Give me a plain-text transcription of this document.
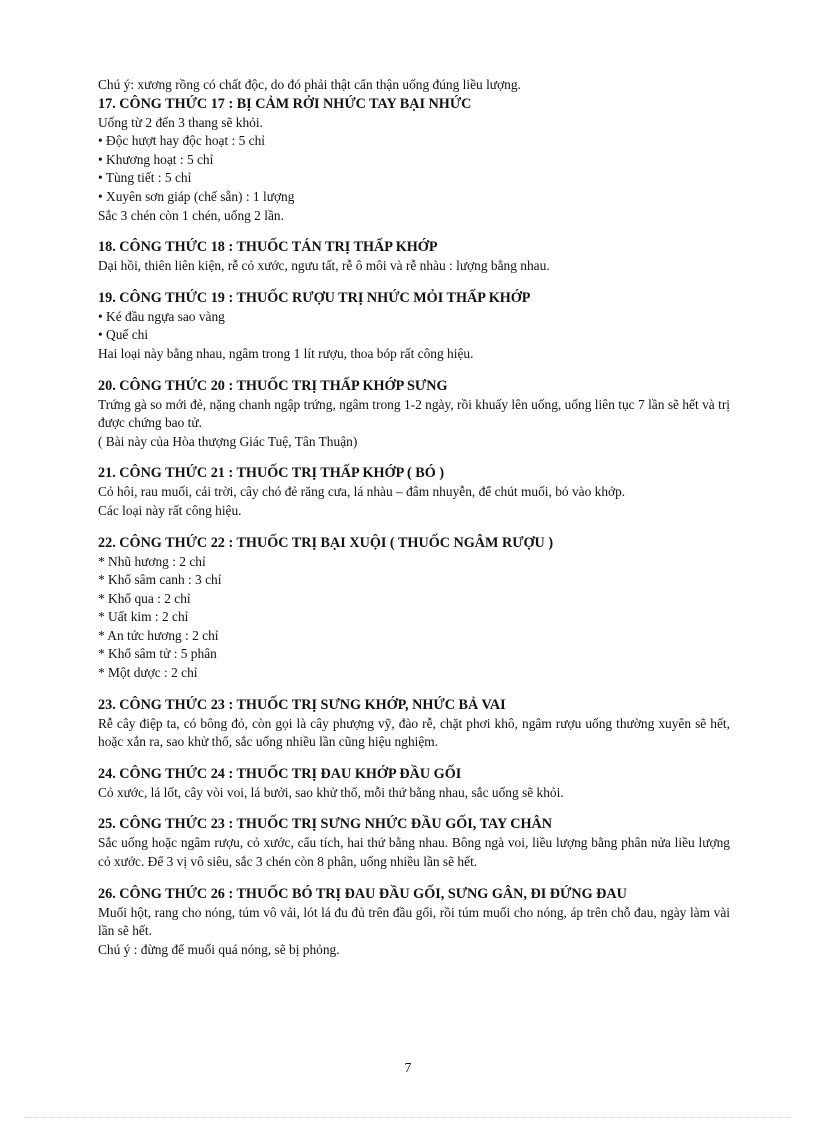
Chú ý: xương rồng có chất độc, do đó phải thật cẩn thận uống đúng liều lượng.
17. CÔNG THỨC 17 : BỊ CẢM RỞI NHỨC TAY BẠI NHỨC
Uống từ 2 đến 3 thang sẽ khỏi.
• Độc hượt hay độc hoạt : 5 chỉ
• Khương hoạt : 5 chỉ
• Tùng tiết : 5 chỉ
• Xuyên sơn giáp (chế sẵn) : 1 lượng
Sắc 3 chén còn 1 chén, uống 2 lần.
18. CÔNG THỨC 18 : THUỐC TÁN TRỊ THẤP KHỚP
Dại hồi, thiên liên kiện, rễ cỏ xước, ngưu tất, rễ ô môi và rễ nhàu : lượng bằng nhau.
19. CÔNG THỨC 19 : THUỐC RƯỢU TRỊ NHỨC MỎI THẤP KHỚP
• Ké đầu ngựa sao vàng
• Quế chi
Hai loại này bằng nhau, ngâm trong 1 lít rượu, thoa bóp rất công hiệu.
20. CÔNG THỨC 20 : THUỐC TRỊ THẤP KHỚP SƯNG
Trứng gà so mới đẻ, nặng chanh ngập trứng, ngâm trong 1-2 ngày, rồi khuấy lên uống, uống liên tục 7 lần sẽ hết và trị được chứng bao tử.
( Bài này của Hòa thượng Giác Tuệ, Tân Thuận)
21. CÔNG THỨC 21 : THUỐC TRỊ THẤP KHỚP ( BÓ )
Cỏ hôi, rau muối, cải trời, cây chó đẻ răng cưa, lá nhàu – đâm nhuyễn, để chút muối, bó vào khớp.
Các loại này rất công hiệu.
22. CÔNG THỨC 22 : THUỐC TRỊ BẠI XUỘI ( THUỐC NGÂM RƯỢU )
* Nhũ hương : 2 chỉ
* Khổ sâm canh : 3 chỉ
* Khổ qua : 2 chỉ
* Uất kim : 2 chỉ
* An tức hương : 2 chỉ
* Khổ sâm tử : 5 phân
* Một dược : 2 chỉ
23. CÔNG THỨC 23 : THUỐC TRỊ SƯNG KHỚP, NHỨC BẢ VAI
Rễ cây điệp ta, có bông đỏ, còn gọi là cây phượng vỹ, đào rễ, chặt phơi khô, ngâm rượu uống thường xuyên sẽ hết, hoặc xắn ra, sao khử thổ, sắc uống nhiều lần cũng hiệu nghiệm.
24. CÔNG THỨC 24 : THUỐC TRỊ ĐAU KHỚP ĐẦU GỐI
Cỏ xước, lá lốt, cây vòi voi, lá bưởi, sao khử thổ, mỗi thứ bằng nhau, sắc uống sẽ khỏi.
25. CÔNG THỨC 23 : THUỐC TRỊ SƯNG NHỨC ĐẦU GỐI, TAY CHÂN
Sắc uống hoặc ngâm rượu, cỏ xước, cẩu tích, hai thứ bằng nhau. Bông ngà voi, liều lượng bằng phân nửa liều lượng cỏ xước. Để 3 vị vô siêu, sắc 3 chén còn 8 phân, uống nhiều lần sẽ hết.
26. CÔNG THỨC 26 : THUỐC BÓ TRỊ ĐAU ĐẦU GỐI, SƯNG GÂN, ĐI ĐỨNG ĐAU
Muối hột, rang cho nóng, túm vô vải, lót lá đu đủ trên đầu gối, rồi túm muối cho nóng, áp trên chỗ đau, ngày làm vài lần sẽ hết.
Chú ý : đừng để muối quá nóng, sẽ bị phỏng.
7
